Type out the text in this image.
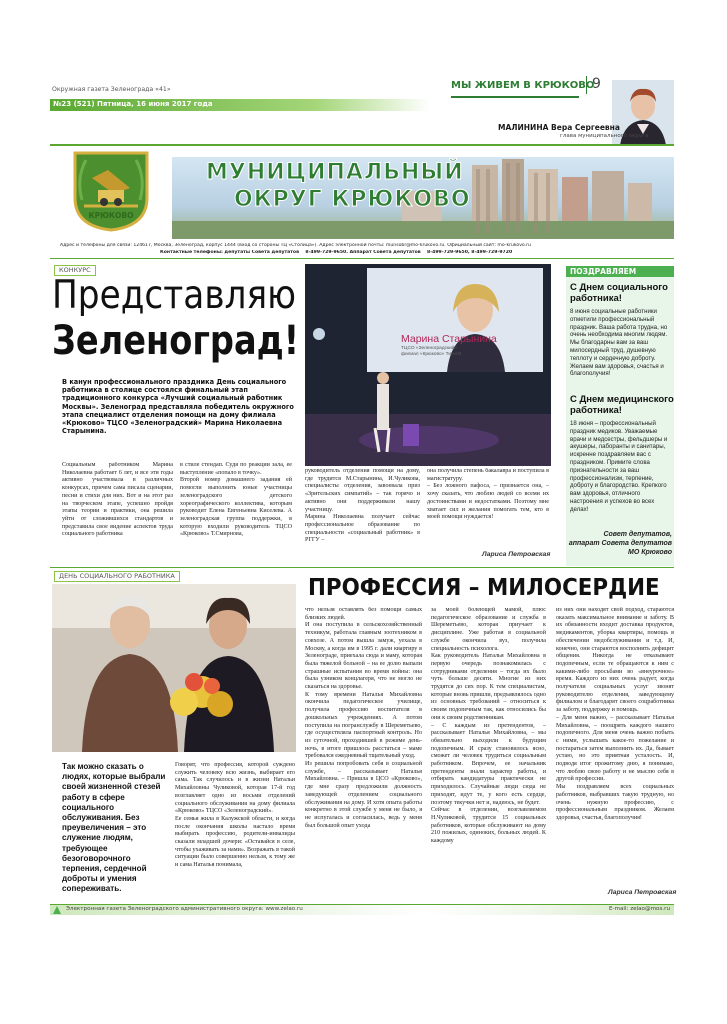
Окружная газета Зеленограда «41»
№23 (521) Пятница, 16 июня 2017 года
МЫ ЖИВЕМ В КРЮКОВО
9
МАЛИНИНА Вера Сергеевна
глава муниципального округа
КРЮКОВО
МУНИЦИПАЛЬНЫЙ
ОКРУГ КРЮКОВО
Адрес и телефоны для связи: 124617, Москва, Зеленоград, корпус 1444 (вход со стороны ТЦ «Столица»). Адрес электронной почты: munsobr@mo-krukovo.ru. Официальный сайт: mo-krukovo.ru
Контактные телефоны: депутаты Совета депутатов    8-499-729-9650. Аппарат Совета депутатов    8-499-729-9650, 8-499-729-9720
КОНКУРС
Представляю
Зеленоград!	Марина Старынина
ТЦСО «Зеленоградский» филиал «Крюково» ТиНАО
В канун профессионального праздника День социального работника в столице состоялся финальный этап традиционного конкурса «Лучший социальный работник Москвы». Зеленоград представляла победитель окружного этапа специалист отделения помощи на дому филиала «Крюково» ТЦСО «Зеленоградский» Марина Николаевна Старынина.
Социальным работником Марина Николаевна работает 6 лет, и все эти годы активно участвовала в различных конкурсах, причем сама писала сценарии, песни и стихи для них. Вот и на этот раз на творческом этапе, успешно пройдя этапы теории и практики, она решила уйти от сложившихся стандартов и представила свое видение аспектов труда социального работника
в стиле стендап. Судя по реакции зала, ее выступление «попало в точку».
Второй номер домашнего задания ей помогли выполнить юные участницы зеленоградского детского хореографического коллектива, которым руководит Елена Евгеньевна Киселева. А зеленоградская группа поддержки, в которую входили руководитель ТЦСО «Крюково» Т.Смирнова,
руководитель отделения помощи на дому, где трудится М.Старынина, И.Чуликова, специалисты отделения, завоевала приз «Зрительских симпатий» – так горячо и активно они поддерживали нашу участницу.
Марина Николаевна получает сейчас профессиональное образование по специальности «социальный работник» в РГГУ –
она получила степень бакалавра и поступила в магистратуру.
– Без ложного пафоса, – признается она, – хочу сказать, что люблю людей со всеми их достоинствами и недостатками. Поэтому мне хватает сил и желания помогать тем, кто в моей помощи нуждается!
Лариса Петровская
ПОЗДРАВЛЯЕМ
С Днем социального
работника!
8 июня социальные работники отметили профессиональный праздник. Ваша работа трудна, но очень необходима многим людям. Мы благодарны вам за ваш милосердный труд, душевную теплоту и сердечную доброту. Желаем вам здоровья, счастья и благополучия!
С Днем медицинского
работника!
18 июня – профессиональный праздник медиков. Уважаемые врачи и медсестры, фельдшеры и акушеры, лаборанты и санитары, искренне поздравляем вас с праздником. Примите слова признательности за ваш профессионализм, терпение, доброту и благородство. Крепкого вам здоровья, отличного настроения и успехов во всех делах!
Совет депутатов,
аппарат Совета депутатов
МО Крюково
ДЕНЬ СОЦИАЛЬНОГО РАБОТНИКА	ПРОФЕССИЯ – МИЛОСЕРДИЕ
Так можно сказать о людях, которые выбрали своей жизненной стезей работу в сфере социального обслуживания. Без преувеличения – это служение людям, требующее безоговорочного терпения, сердечной доброты и умения сопереживать.
Говорят, что профессия, которой суждено служить человеку всю жизнь, выбирает его сама. Так случилось и в жизни Натальи Михайловны Чуликовой, которая 17-й год возглавляет одно из восьми отделений социального обслуживания на дому филиала «Крюково» ТЦСО «Зеленоградский».
Ее семья жила в Калужской области, и когда после окончания школы настало время выбирать профессию, родители-инвалиды сказали младшей дочери: «Оставайся в селе, чтобы ухаживать за нами». Возражать в такой ситуации было совершенно нельзя, к тому же и сама Наталья понимала,
что нельзя оставлять без помощи самых близких людей.
И она поступила в сельскохозяйственный техникум, работала главным зоотехником в совхозе. А потом вышла замуж, уехала в Москву, а когда им в 1995 г. дали квартиру в Зеленограде, приехала сюда и маму, которая была тяжелой больной – на ее долю выпали страшные испытания во время войны: она была узником концлагеря, что не могло не сказаться на здоровье.
К тому времени Наталья Михайловна окончила педагогическое училище, получила профессию воспитателя в дошкольных учреждениях. А потом поступила на погранслужбу в Шереметьево, где осуществляла паспортный контроль. Но из суточной, проходившей в режиме день-ночь, в итоге пришлось расстаться – маме требовался ежедневный тщательный уход.
Из решила попробовать себя в социальной службе, – рассказывает Наталья Михайловна. – Пришла в ЦСО «Крюково», где мне сразу предложили должность заведующей отделением социального обслуживания на дому. И хотя опыта работы конкретно в этой службе у меня не было, я не испугалась и согласилась, ведь у меня был большой опыт ухода
за моей болеющей мамой, плюс педагогическое образование и служба в Шереметьево, которая приучает к дисциплине. Уже работая в социальной службе окончила вуз, получила специальность психолога.
Как руководитель Наталья Михайловна в первую очередь познакомилась с сотрудниками отделения – тогда их было чуть больше десяти. Многие из них трудятся до сих пор. К тем специалистам, которые вновь пришли, предъявлялось одно из основных требований – относиться к своим подопечным так, как относились бы они к своим родственникам.
– С каждым из претендентов, – рассказывает Наталья Михайловна, – мы обязательно выходили к будущим подопечным. И сразу становилось ясно, сможет ли человек трудиться социальным работником. Впрочем, ее начальник претенденты знали характер работы, и отбирать кандидатуры практически не приходилось. Случайные люди сюда не приходят, идут те, у кого есть сердце, поэтому текучки нет и, надеюсь, не будет.
Сейчас в отделении, возглавляемом Н.Чуликовой, трудится 15 социальных работников, которые обслуживают на дому 210 пожилых, одиноких, больных людей. К каждому
из них они находят свой подход, стараются оказать максимальное внимание и заботу. В их обязанности входит доставка продуктов, медикаментов, уборка квартиры, помощь в обеспечении медобслуживания и т.д. И, конечно, они стараются восполнить дефицит общения. Никогда не отказывают подопечным, если те обращаются к ним с какими-либо просьбами во «внеурочное» время. Каждого из них очень радует, когда получатели социальных услуг звонят руководителю отделения, заведующему филиалом и благодарят своего соцработника за заботу, поддержку и помощь.
– Для меня важно, – рассказывает Наталья Михайловна, – поощрять каждого нашего подопечного. Для меня очень важно побыть с ними, услышать какое-то пожелание и постараться затем выполнить их. Да, бывает устаю, но это приятная усталость. И, подводя итог прожитому дню, я понимаю, что люблю свою работу и не мыслю себя в другой профессии.
Мы поздравляем всех социальных работников, выбравших такую трудную, но очень нужную профессию, с профессиональным праздником. Желаем здоровья, счастья, благополучия!
Лариса Петровская
Электронная газета Зеленоградского административного округа: www.zelao.ru	E-mail: zelao@mos.ru
